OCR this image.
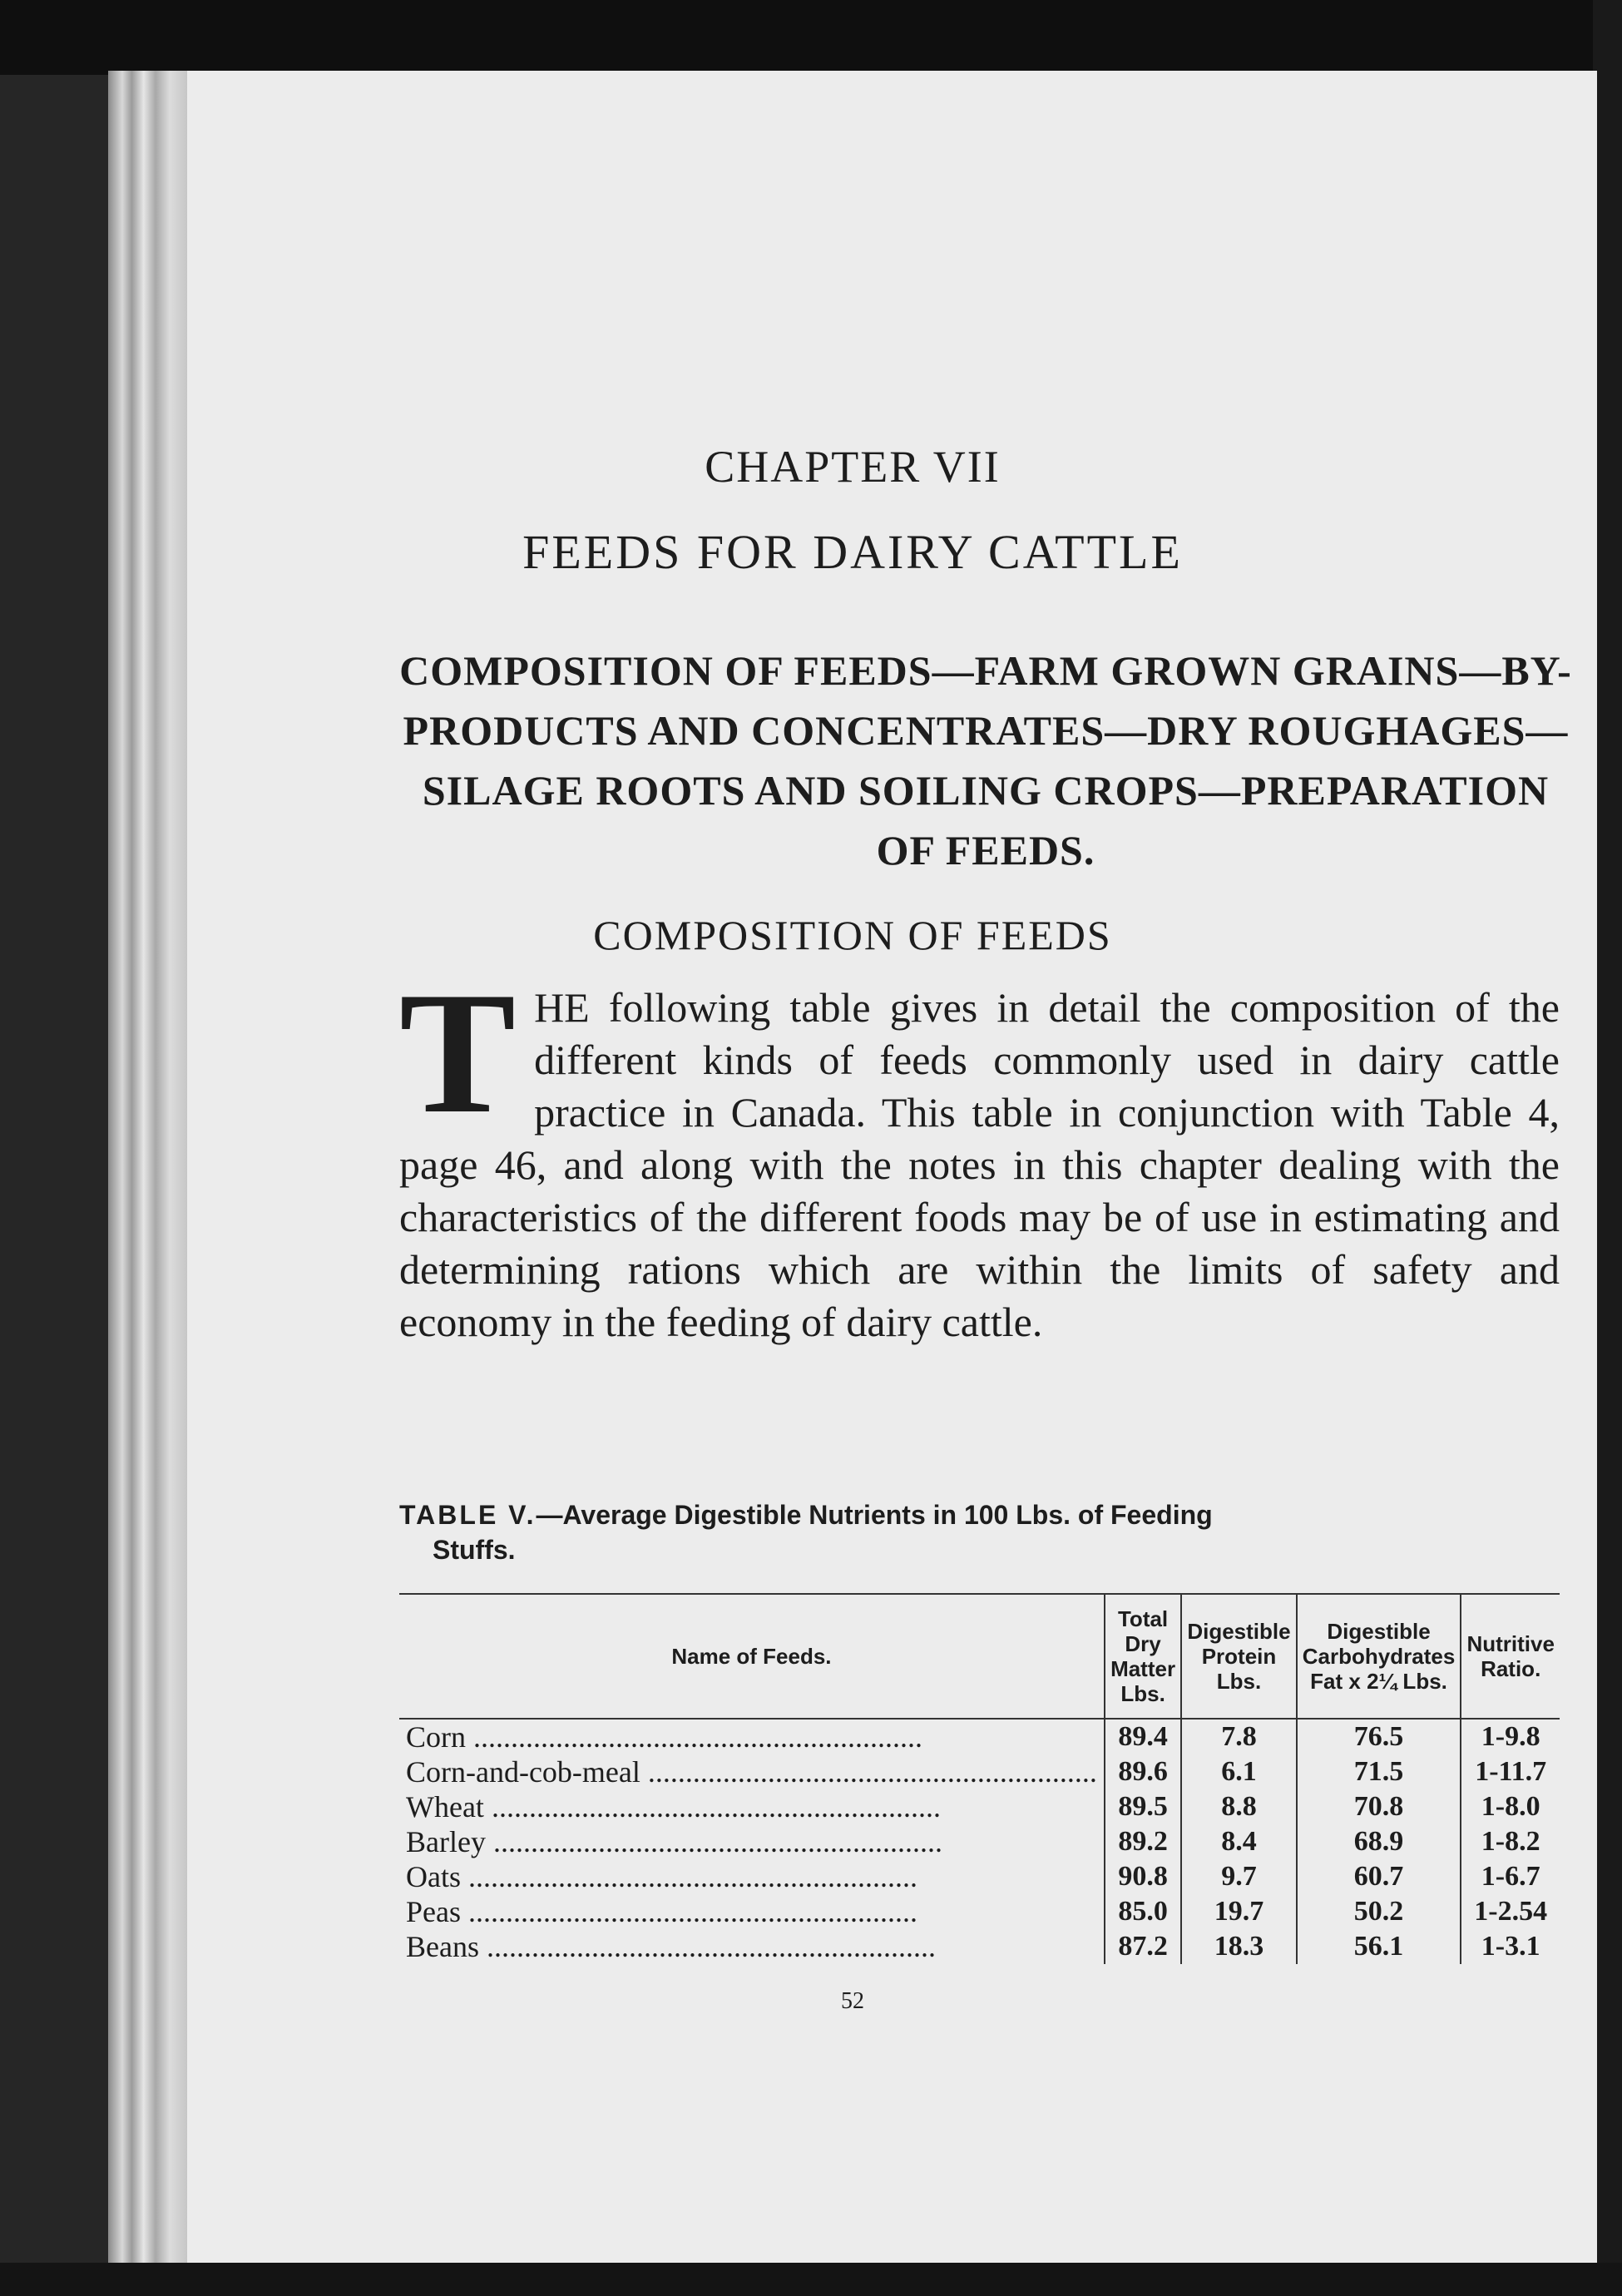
CHAPTER VII
FEEDS FOR DAIRY CATTLE
COMPOSITION OF FEEDS—FARM GROWN GRAINS—BY-PRODUCTS AND CONCENTRATES—DRY ROUGHAGES—SILAGE ROOTS AND SOILING CROPS—PREPARATION OF FEEDS.
COMPOSITION OF FEEDS
THE following table gives in detail the composition of the different kinds of feeds commonly used in dairy cattle practice in Canada. This table in conjunction with Table 4, page 46, and along with the notes in this chapter dealing with the characteristics of the different foods may be of use in estimating and determining rations which are within the limits of safety and economy in the feeding of dairy cattle.
TABLE V.—Average Digestible Nutrients in 100 Lbs. of Feeding
Stuffs.
Name of Feeds.	Total Dry Matter Lbs.	Digestible Protein Lbs.	Digestible Carbohydrates Fat x 2¼ Lbs.	Nutritive Ratio.
Corn .....	89.4	7.8	76.5	1-9.8
Corn-and-cob-meal .....	89.6	6.1	71.5	1-11.7
Wheat .....	89.5	8.8	70.8	1-8.0
Barley .....	89.2	8.4	68.9	1-8.2
Oats .....	90.8	9.7	60.7	1-6.7
Peas .....	85.0	19.7	50.2	1-2.54
Beans .....	87.2	18.3	56.1	1-3.1
52
